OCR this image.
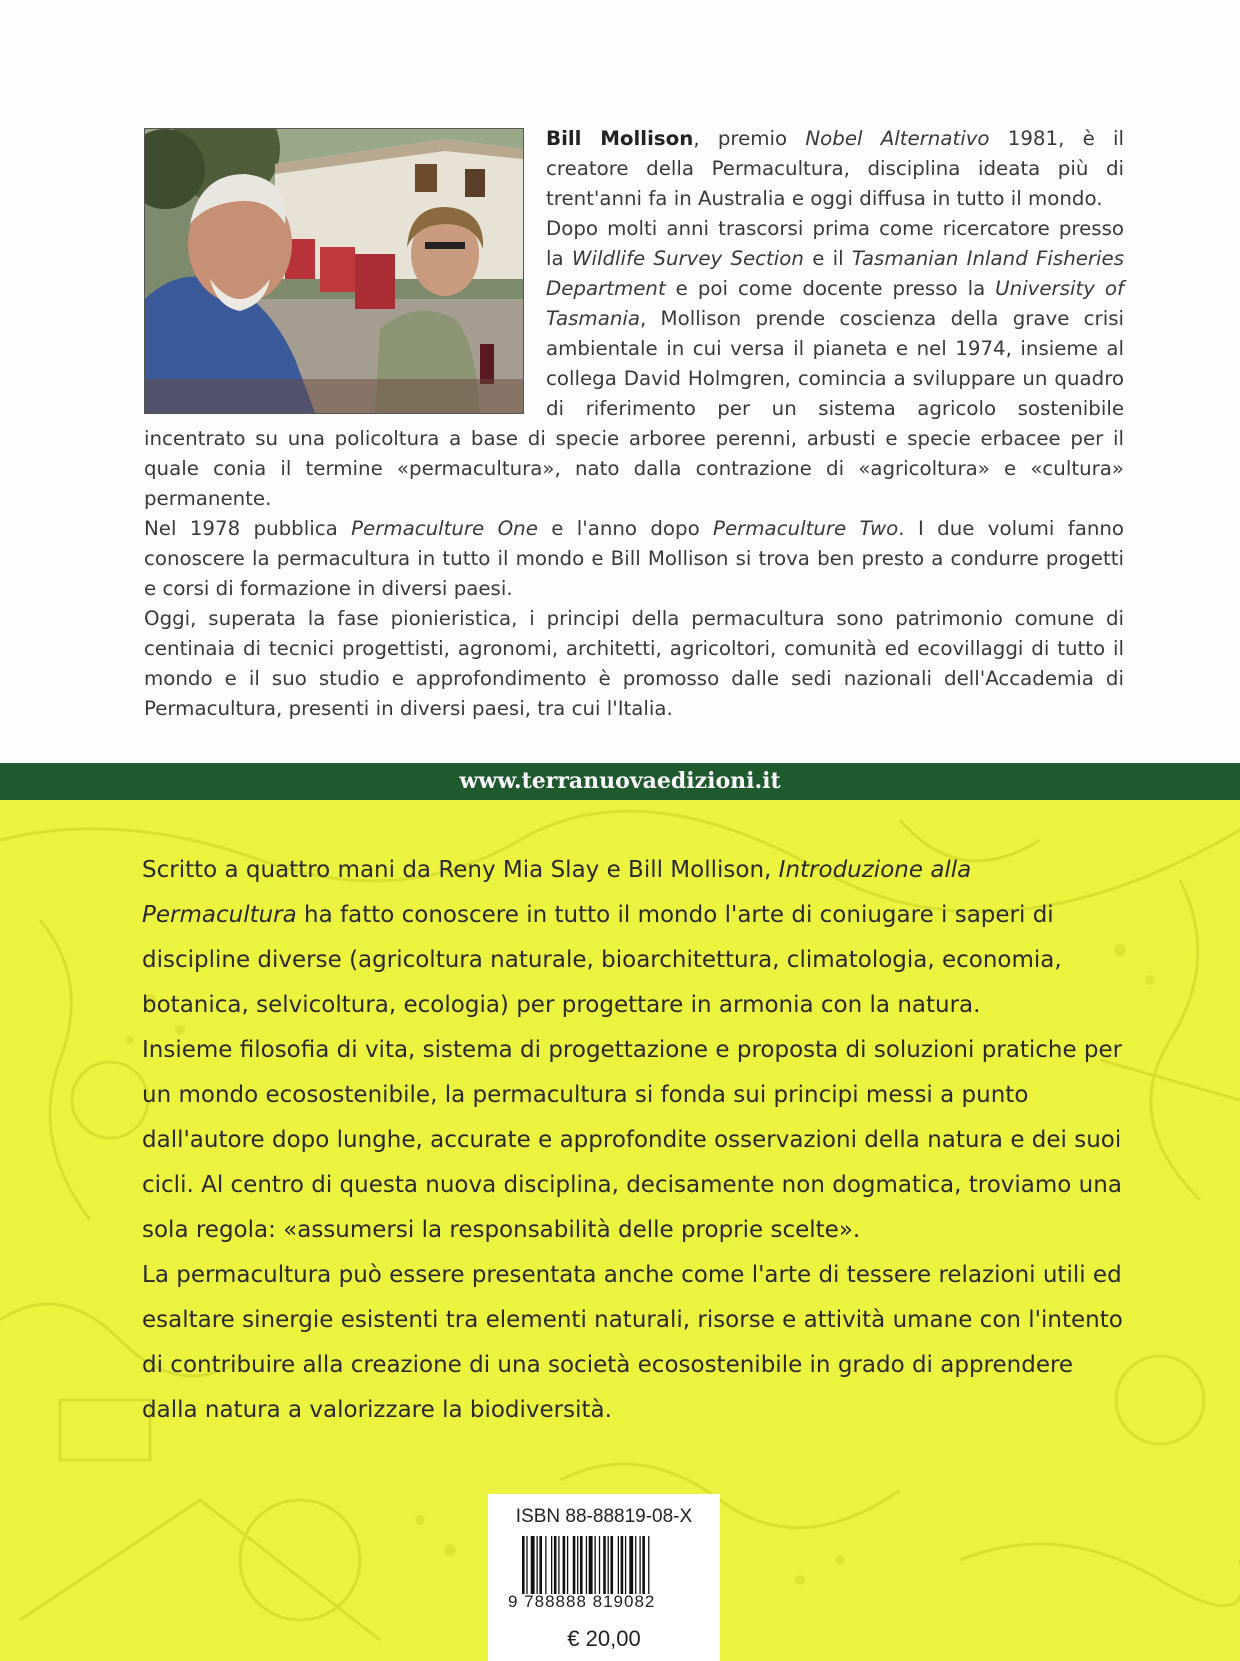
Bill Mollison, premio Nobel Alternativo 1981, è il creatore della Permacultura, disciplina ideata più di trent'anni fa in Australia e oggi diffusa in tutto il mondo.

Dopo molti anni trascorsi prima come ricercatore presso la Wildlife Survey Section e il Tasmanian Inland Fisheries Department e poi come docente presso la University of Tasmania, Mollison prende coscienza della grave crisi ambientale in cui versa il pianeta e nel 1974, insieme al collega David Holmgren, comincia a sviluppare un quadro di riferimento per un sistema agricolo sostenibile incentrato su una policoltura a base di specie arboree perenni, arbusti e specie erbacee per il quale conia il termine «permacultura», nato dalla contrazione di «agricoltura» e «cultura» permanente.

Nel 1978 pubblica Permaculture One e l'anno dopo Permaculture Two. I due volumi fanno conoscere la permacultura in tutto il mondo e Bill Mollison si trova ben presto a condurre progetti e corsi di formazione in diversi paesi.

Oggi, superata la fase pionieristica, i principi della permacultura sono patrimonio comune di centinaia di tecnici progettisti, agronomi, architetti, agricoltori, comunità ed ecovillaggi di tutto il mondo e il suo studio e approfondimento è promosso dalle sedi nazionali dell'Accademia di Permacultura, presenti in diversi paesi, tra cui l'Italia.

www.terranuovaedizioni.it

Scritto a quattro mani da Reny Mia Slay e Bill Mollison, Introduzione alla Permacultura ha fatto conoscere in tutto il mondo l'arte di coniugare i saperi di discipline diverse (agricoltura naturale, bioarchitettura, climatologia, economia, botanica, selvicoltura, ecologia) per progettare in armonia con la natura.

Insieme filosofia di vita, sistema di progettazione e proposta di soluzioni pratiche per un mondo ecosostenibile, la permacultura si fonda sui principi messi a punto dall'autore dopo lunghe, accurate e approfondite osservazioni della natura e dei suoi cicli. Al centro di questa nuova disciplina, decisamente non dogmatica, troviamo una sola regola: «assumersi la responsabilità delle proprie scelte».

La permacultura può essere presentata anche come l'arte di tessere relazioni utili ed esaltare sinergie esistenti tra elementi naturali, risorse e attività umane con l'intento di contribuire alla creazione di una società ecosostenibile in grado di apprendere dalla natura a valorizzare la biodiversità.

ISBN 88-88819-08-X
9 788888 819082
€ 20,00
